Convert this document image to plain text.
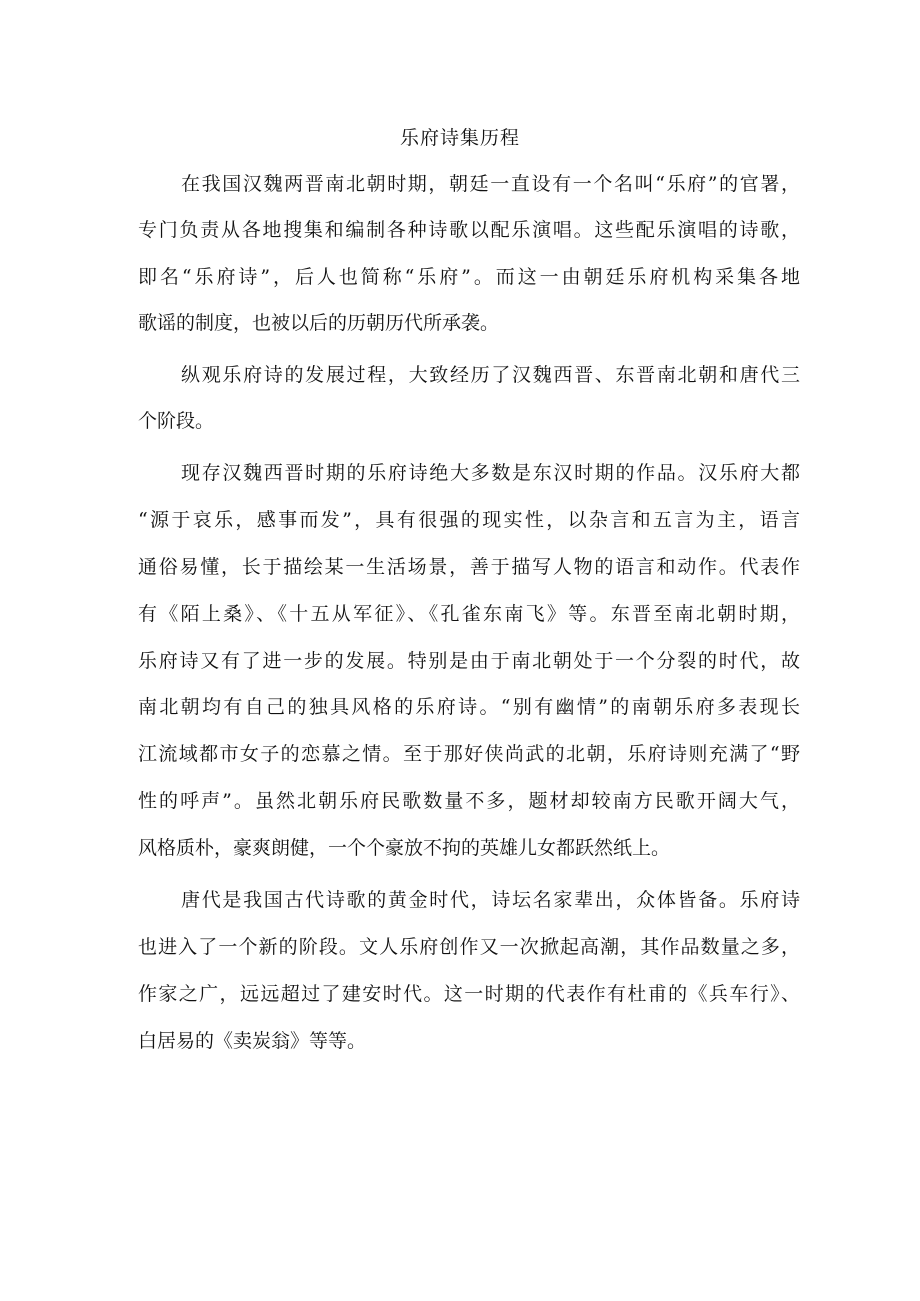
乐府诗集历程
在我国汉魏两晋南北朝时期，朝廷一直设有一个名叫“乐府”的官署，
专门负责从各地搜集和编制各种诗歌以配乐演唱。这些配乐演唱的诗歌，
即名“乐府诗”，后人也简称“乐府”。而这一由朝廷乐府机构采集各地
歌谣的制度，也被以后的历朝历代所承袭。
纵观乐府诗的发展过程，大致经历了汉魏西晋、东晋南北朝和唐代三
个阶段。
现存汉魏西晋时期的乐府诗绝大多数是东汉时期的作品。汉乐府大都
“源于哀乐，感事而发”，具有很强的现实性，以杂言和五言为主，语言
通俗易懂，长于描绘某一生活场景，善于描写人物的语言和动作。代表作
有《陌上桑》、《十五从军征》、《孔雀东南飞》等。东晋至南北朝时期，
乐府诗又有了进一步的发展。特别是由于南北朝处于一个分裂的时代，故
南北朝均有自己的独具风格的乐府诗。“别有幽情”的南朝乐府多表现长
江流域都市女子的恋慕之情。至于那好侠尚武的北朝，乐府诗则充满了“野
性的呼声”。虽然北朝乐府民歌数量不多，题材却较南方民歌开阔大气，
风格质朴，豪爽朗健，一个个豪放不拘的英雄儿女都跃然纸上。
唐代是我国古代诗歌的黄金时代，诗坛名家辈出，众体皆备。乐府诗
也进入了一个新的阶段。文人乐府创作又一次掀起高潮，其作品数量之多，
作家之广，远远超过了建安时代。这一时期的代表作有杜甫的《兵车行》、
白居易的《卖炭翁》等等。
